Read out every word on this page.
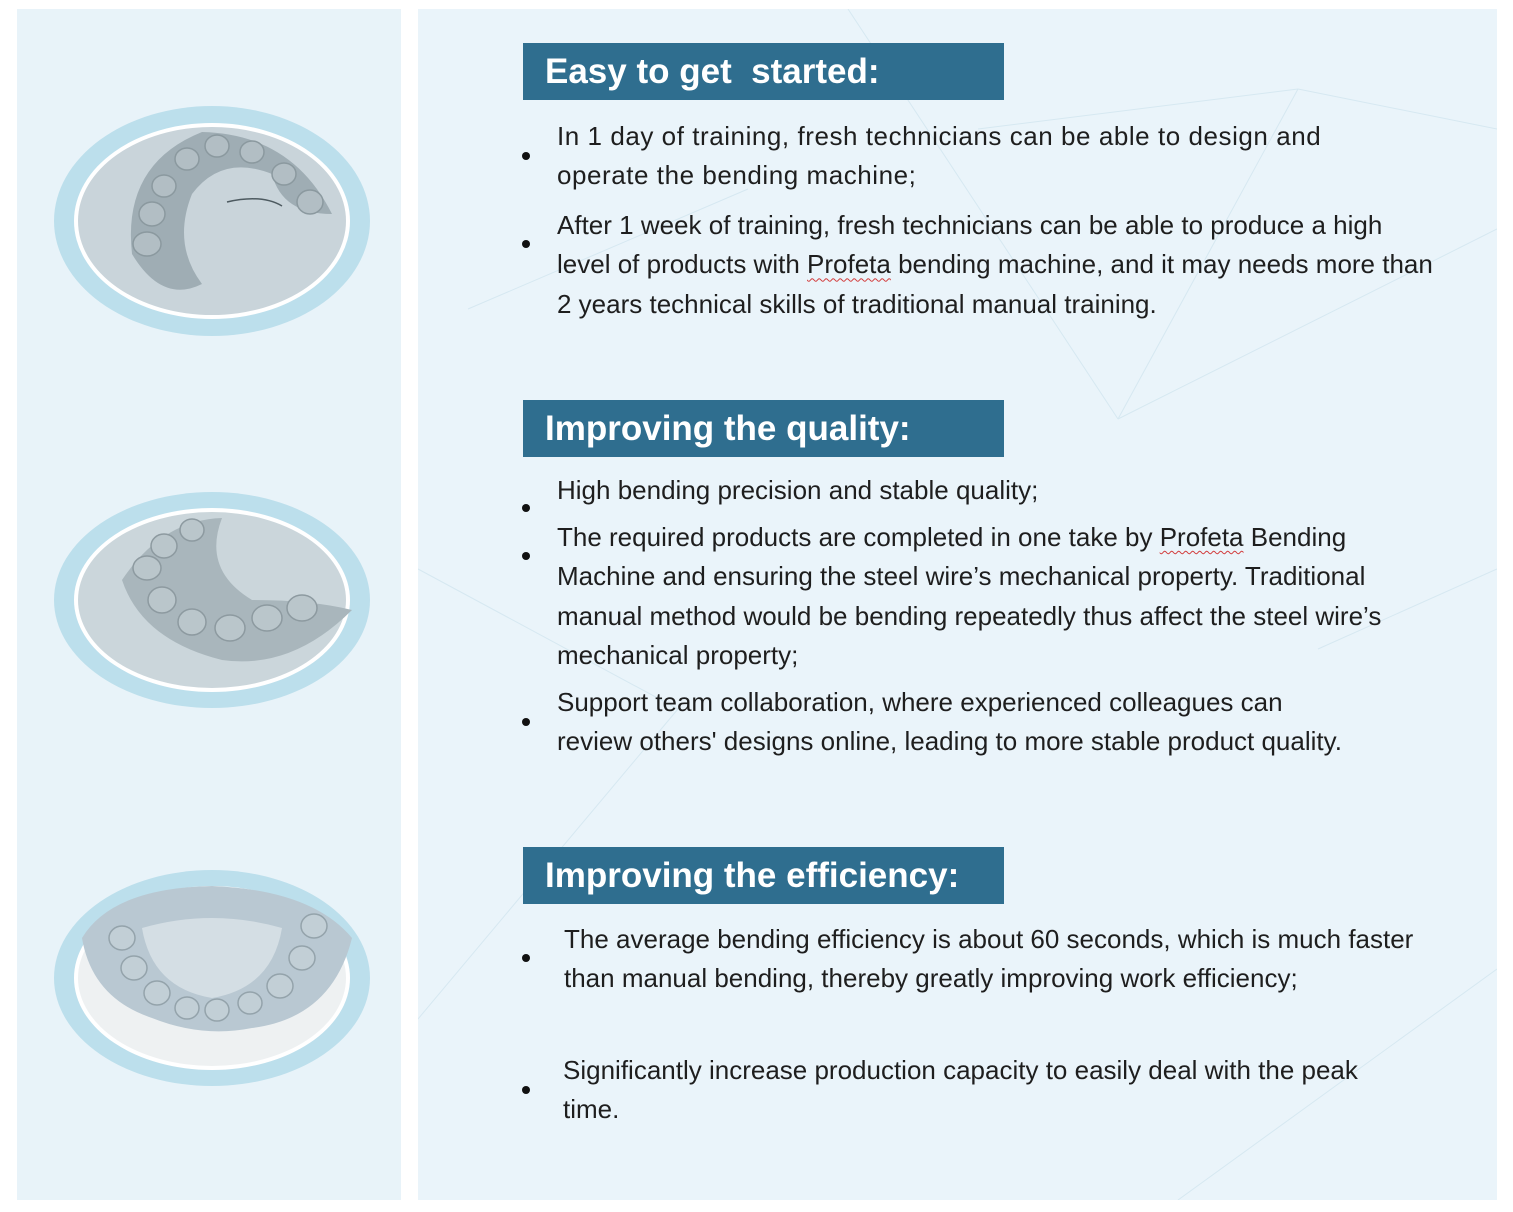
Easy to get  started:
In 1 day of training, fresh technicians can be able to design and operate the bending machine;
After 1 week of training, fresh technicians can be able to produce a high level of products with Profeta bending machine, and it may needs more than 2 years technical skills of traditional manual training.
Improving the quality:
High bending precision and stable quality;
The required products are completed in one take by Profeta Bending Machine and ensuring the steel wire’s mechanical property. Traditional manual method would be bending repeatedly thus affect the steel wire’s mechanical property;
Support team collaboration, where experienced colleagues can review others' designs online, leading to more stable product quality.
Improving the efficiency:
The average bending efficiency is about 60 seconds, which is much faster than manual bending, thereby greatly improving work efficiency;
Significantly increase production capacity to easily deal with the peak time.
